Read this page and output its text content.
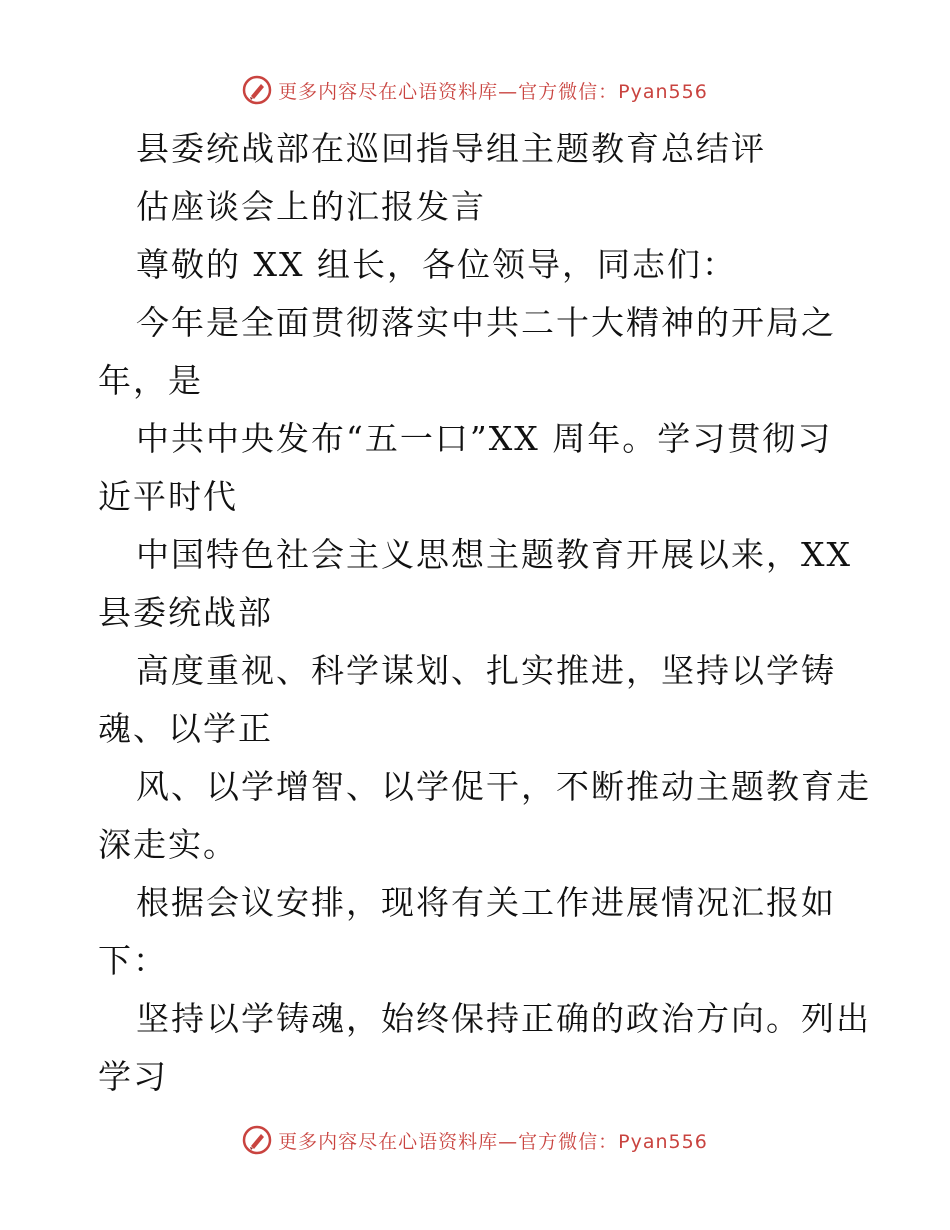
更多内容尽在心语资料库—官方微信：Pyan556
县委统战部在巡回指导组主题教育总结评
估座谈会上的汇报发言
尊敬的 XX 组长，各位领导，同志们：
今年是全面贯彻落实中共二十大精神的开局之
年，是
中共中央发布“五一口”XX 周年。学习贯彻习
近平时代
中国特色社会主义思想主题教育开展以来，XX
县委统战部
高度重视、科学谋划、扎实推进，坚持以学铸
魂、以学正
风、以学增智、以学促干，不断推动主题教育走
深走实。
根据会议安排，现将有关工作进展情况汇报如
下：
坚持以学铸魂，始终保持正确的政治方向。列出
学习
更多内容尽在心语资料库—官方微信：Pyan556
